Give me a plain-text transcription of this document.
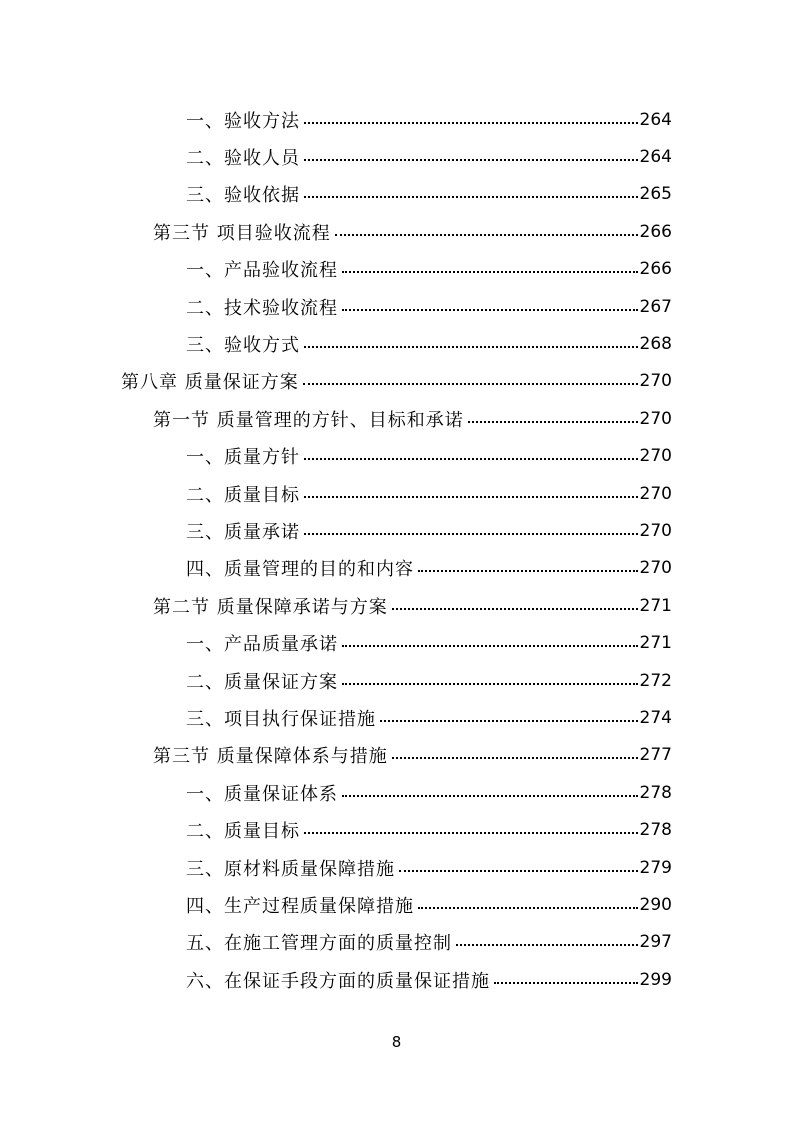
一、验收方法	264
二、验收人员	264
三、验收依据	265
第三节 项目验收流程	266
一、产品验收流程	266
二、技术验收流程	267
三、验收方式	268
第八章 质量保证方案	270
第一节 质量管理的方针、目标和承诺	270
一、质量方针	270
二、质量目标	270
三、质量承诺	270
四、质量管理的目的和内容	270
第二节 质量保障承诺与方案	271
一、产品质量承诺	271
二、质量保证方案	272
三、项目执行保证措施	274
第三节 质量保障体系与措施	277
一、质量保证体系	278
二、质量目标	278
三、原材料质量保障措施	279
四、生产过程质量保障措施	290
五、在施工管理方面的质量控制	297
六、在保证手段方面的质量保证措施	299
8
